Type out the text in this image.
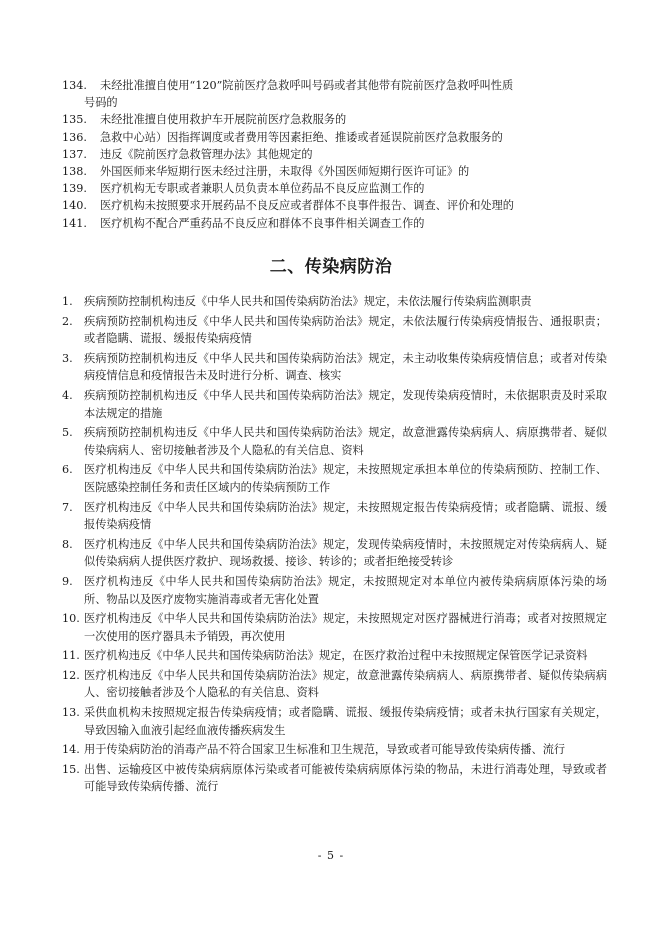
134.	未经批准擅自使用“120”院前医疗急救呼叫号码或者其他带有院前医疗急救呼叫性质
号码的
135.	未经批准擅自使用救护车开展院前医疗急救服务的
136.	急救中心站）因指挥调度或者费用等因素拒绝、推诿或者延误院前医疗急救服务的
137.	违反《院前医疗急救管理办法》其他规定的
138.	外国医师来华短期行医未经过注册，未取得《外国医师短期行医许可证》的
139.	医疗机构无专职或者兼职人员负责本单位药品不良反应监测工作的
140.	医疗机构未按照要求开展药品不良反应或者群体不良事件报告、调查、评价和处理的
141.	医疗机构不配合严重药品不良反应和群体不良事件相关调查工作的
二、传染病防治
1.	疾病预防控制机构违反《中华人民共和国传染病防治法》规定，未依法履行传染病监测职责
2.	疾病预防控制机构违反《中华人民共和国传染病防治法》规定，未依法履行传染病疫情报告、通报职责；或者隐瞒、谎报、缓报传染病疫情
3.	疾病预防控制机构违反《中华人民共和国传染病防治法》规定，未主动收集传染病疫情信息；或者对传染病疫情信息和疫情报告未及时进行分析、调查、核实
4.	疾病预防控制机构违反《中华人民共和国传染病防治法》规定，发现传染病疫情时，未依据职责及时采取本法规定的措施
5.	疾病预防控制机构违反《中华人民共和国传染病防治法》规定，故意泄露传染病病人、病原携带者、疑似传染病病人、密切接触者涉及个人隐私的有关信息、资料
6.	医疗机构违反《中华人民共和国传染病防治法》规定，未按照规定承担本单位的传染病预防、控制工作、医院感染控制任务和责任区域内的传染病预防工作
7.	医疗机构违反《中华人民共和国传染病防治法》规定，未按照规定报告传染病疫情；或者隐瞒、谎报、缓报传染病疫情
8.	医疗机构违反《中华人民共和国传染病防治法》规定，发现传染病疫情时，未按照规定对传染病病人、疑似传染病病人提供医疗救护、现场救援、接诊、转诊的；或者拒绝接受转诊
9.	医疗机构违反《中华人民共和国传染病防治法》规定，未按照规定对本单位内被传染病病原体污染的场所、物品以及医疗废物实施消毒或者无害化处置
10. 医疗机构违反《中华人民共和国传染病防治法》规定，未按照规定对医疗器械进行消毒；或者对按照规定一次使用的医疗器具未予销毁，再次使用
11. 医疗机构违反《中华人民共和国传染病防治法》规定，在医疗救治过程中未按照规定保管医学记录资料
12. 医疗机构违反《中华人民共和国传染病防治法》规定，故意泄露传染病病人、病原携带者、疑似传染病病人、密切接触者涉及个人隐私的有关信息、资料
13. 采供血机构未按照规定报告传染病疫情；或者隐瞒、谎报、缓报传染病疫情；或者未执行国家有关规定，导致因输入血液引起经血液传播疾病发生
14. 用于传染病防治的消毒产品不符合国家卫生标准和卫生规范，导致或者可能导致传染病传播、流行
15. 出售、运输疫区中被传染病病原体污染或者可能被传染病病原体污染的物品，未进行消毒处理，导致或者可能导致传染病传播、流行
- 5 -
